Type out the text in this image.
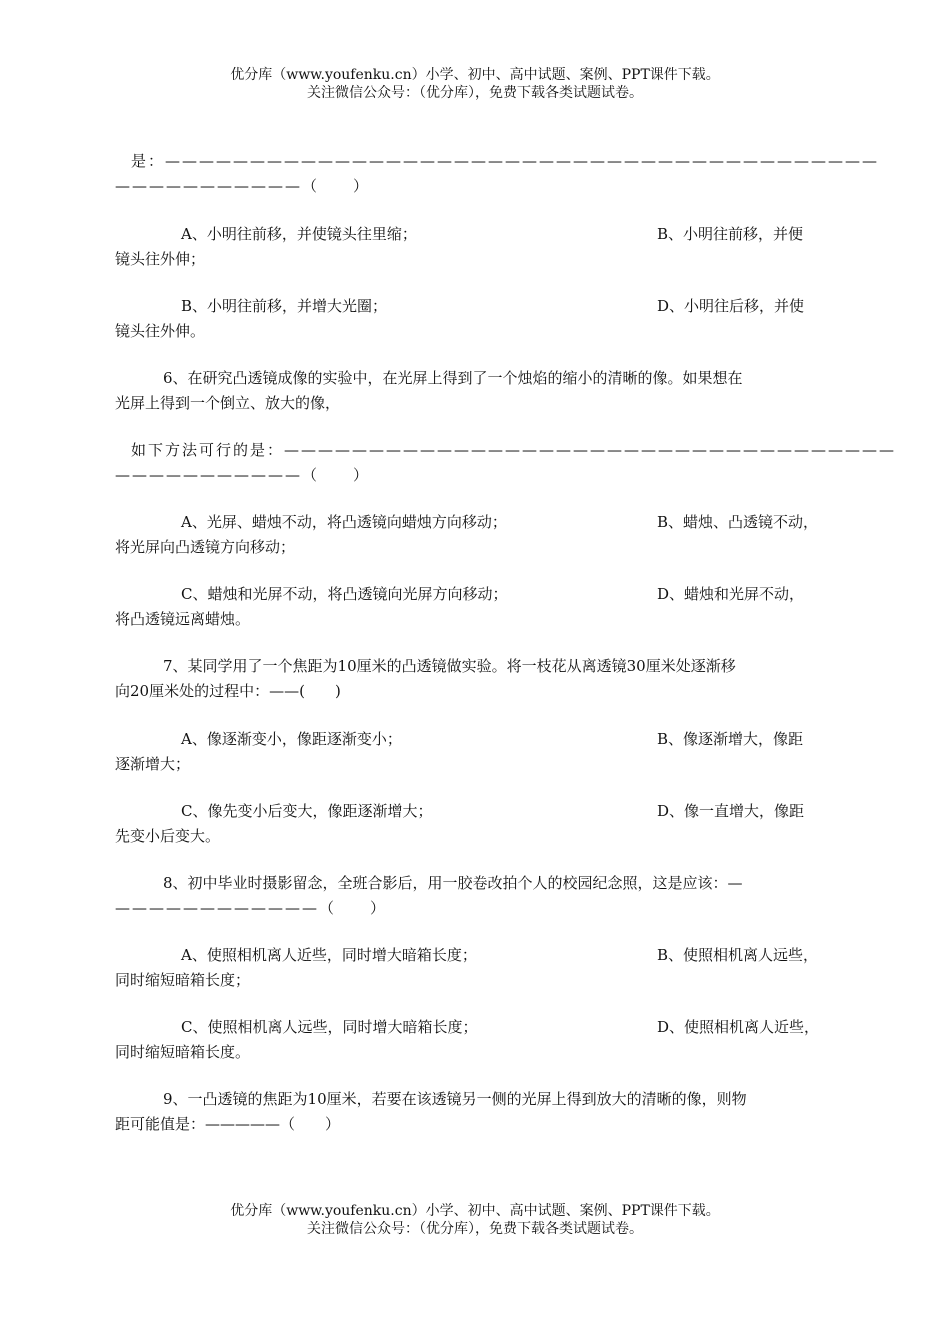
优分库（www.youfenku.cn）小学、初中、高中试题、案例、PPT课件下载。
关注微信公众号：（优分库），免费下载各类试题试卷。
是：——————————————————————————————————————————
———————————（　　）
A、小明往前移，并使镜头往里缩；	B、小明往前移，并便
镜头往外伸；
B、小明往前移，并增大光圈；	D、小明往后移，并使
镜头往外伸。
6、在研究凸透镜成像的实验中，在光屏上得到了一个烛焰的缩小的清晰的像。如果想在
光屏上得到一个倒立、放大的像，
如下方法可行的是：————————————————————————————————————
———————————（　　）
A、光屏、蜡烛不动，将凸透镜向蜡烛方向移动；	B、蜡烛、凸透镜不动，
将光屏向凸透镜方向移动；
C、蜡烛和光屏不动，将凸透镜向光屏方向移动；	D、蜡烛和光屏不动，
将凸透镜远离蜡烛。
7、某同学用了一个焦距为10厘米的凸透镜做实验。将一枝花从离透镜30厘米处逐渐移
向20厘米处的过程中：——(　　)
A、像逐渐变小，像距逐渐变小；	B、像逐渐增大，像距
逐渐增大；
C、像先变小后变大，像距逐渐增大；	D、像一直增大，像距
先变小后变大。
8、初中毕业时摄影留念，全班合影后，用一胶卷改拍个人的校园纪念照，这是应该：—
————————————（　　）
A、使照相机离人近些，同时增大暗箱长度；	B、使照相机离人远些，
同时缩短暗箱长度；
C、使照相机离人远些，同时增大暗箱长度；	D、使照相机离人近些，
同时缩短暗箱长度。
9、一凸透镜的焦距为10厘米，若要在该透镜另一侧的光屏上得到放大的清晰的像，则物
距可能值是：—————（　　）
优分库（www.youfenku.cn）小学、初中、高中试题、案例、PPT课件下载。
关注微信公众号：（优分库），免费下载各类试题试卷。
